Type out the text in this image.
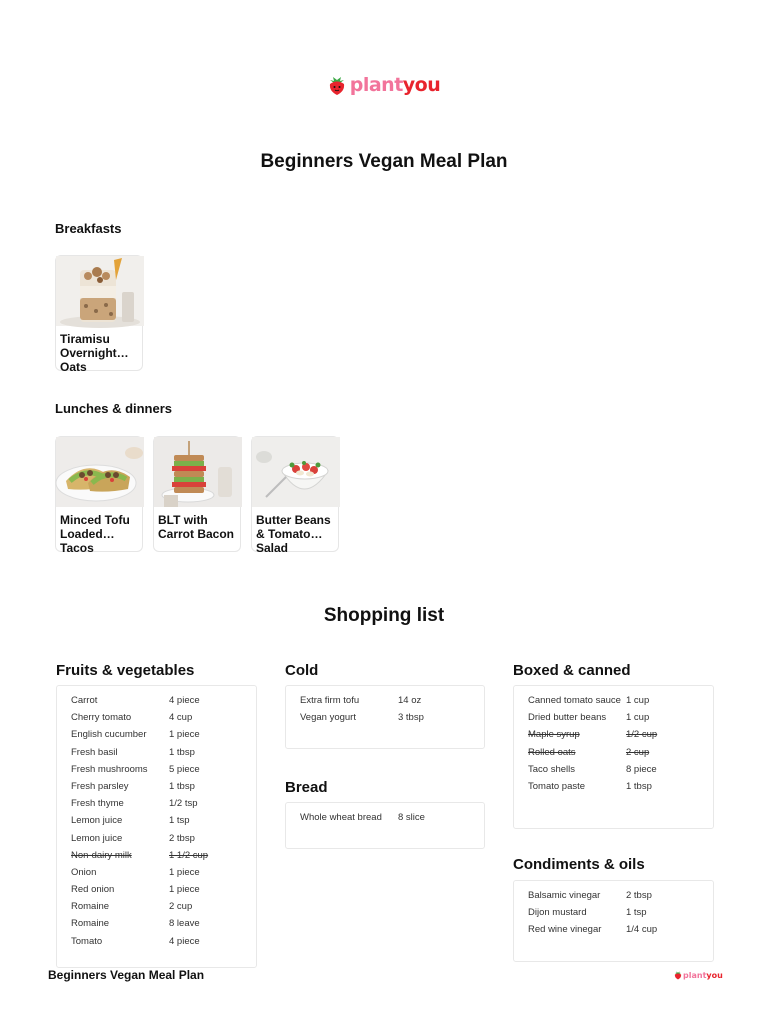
plantyou
Beginners Vegan Meal Plan
Breakfasts
Tiramisu Overnight Oats
Lunches & dinners
Minced Tofu Loaded Tacos
BLT with Carrot Bacon
Butter Beans & Tomato Salad
Shopping list
Fruits & vegetables
Carrot	4 piece
Cherry tomato	4 cup
English cucumber	1 piece
Fresh basil	1 tbsp
Fresh mushrooms	5 piece
Fresh parsley	1 tbsp
Fresh thyme	1/2 tsp
Lemon juice	1 tsp
Lemon juice	2 tbsp
Non-dairy milk	1 1/2 cup
Onion	1 piece
Red onion	1 piece
Romaine	2 cup
Romaine	8 leave
Tomato	4 piece
Cold
Extra firm tofu	14 oz
Vegan yogurt	3 tbsp
Bread
Whole wheat bread	8 slice
Boxed & canned
Canned tomato sauce 1 cup
Dried butter beans	1 cup
Maple syrup	1/2 cup
Rolled oats	2 cup
Taco shells	8 piece
Tomato paste	1 tbsp
Condiments & oils
Balsamic vinegar	2 tbsp
Dijon mustard	1 tsp
Red wine vinegar	1/4 cup
Beginners Vegan Meal Plan	plantyou
